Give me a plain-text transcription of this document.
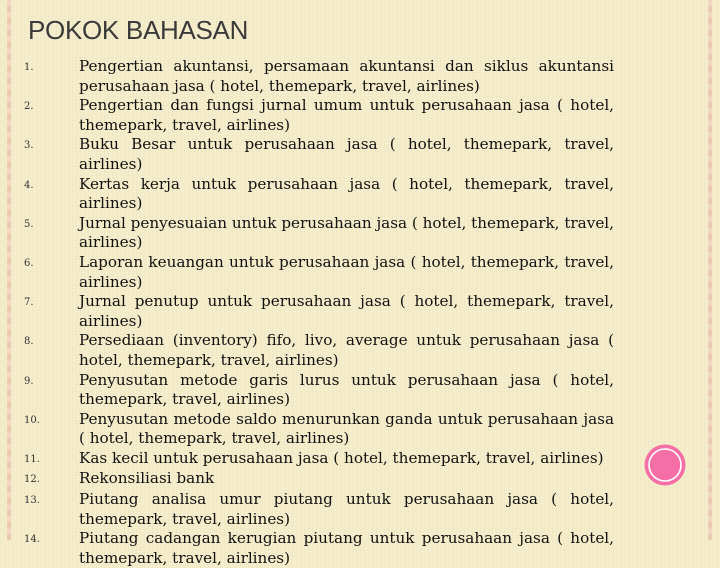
POKOK BAHASAN
1.	Pengertian akuntansi, persamaan akuntansi dan siklus akuntansi perusahaan jasa ( hotel, themepark, travel, airlines)
2.	Pengertian dan fungsi jurnal umum untuk perusahaan jasa ( hotel, themepark, travel, airlines)
3.	Buku Besar untuk perusahaan jasa ( hotel, themepark, travel, airlines)
4.	Kertas kerja untuk perusahaan jasa ( hotel, themepark, travel, airlines)
5.	Jurnal penyesuaian untuk perusahaan jasa ( hotel, themepark, travel, airlines)
6.	Laporan keuangan untuk perusahaan jasa ( hotel, themepark, travel, airlines)
7.	Jurnal penutup untuk perusahaan jasa ( hotel, themepark, travel, airlines)
8.	Persediaan (inventory) fifo, livo, average untuk perusahaan jasa ( hotel, themepark, travel, airlines)
9.	Penyusutan metode garis lurus untuk perusahaan jasa ( hotel, themepark, travel, airlines)
10.	Penyusutan metode saldo menurunkan ganda untuk perusahaan jasa ( hotel, themepark, travel, airlines)
11.	Kas kecil untuk perusahaan jasa ( hotel, themepark, travel, airlines)
12.	Rekonsiliasi bank
13.	Piutang analisa umur piutang untuk perusahaan jasa ( hotel, themepark, travel, airlines)
14.	Piutang cadangan kerugian piutang untuk perusahaan jasa ( hotel, themepark, travel, airlines)
